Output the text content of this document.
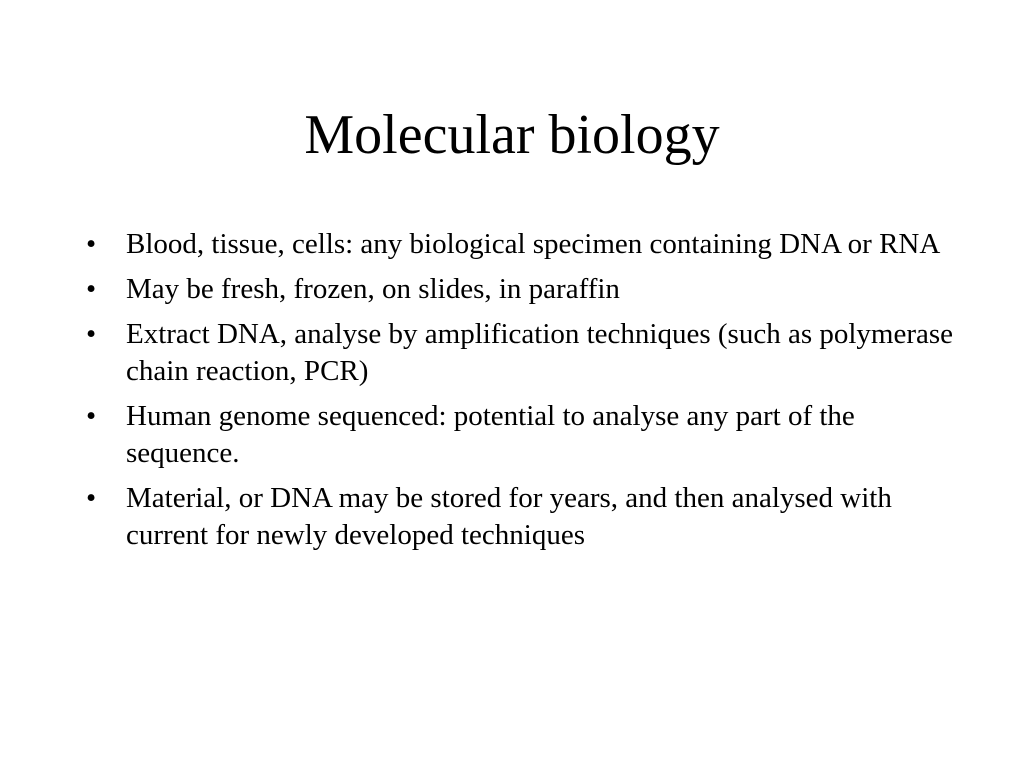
Molecular biology
•	Blood, tissue, cells: any biological specimen containing DNA or RNA
•	May be fresh, frozen, on slides, in paraffin
•	Extract DNA, analyse by amplification techniques (such as polymerase chain reaction, PCR)
•	Human genome sequenced: potential to analyse any part of the sequence.
•	Material, or DNA may be stored for years, and then analysed with current for newly developed techniques
